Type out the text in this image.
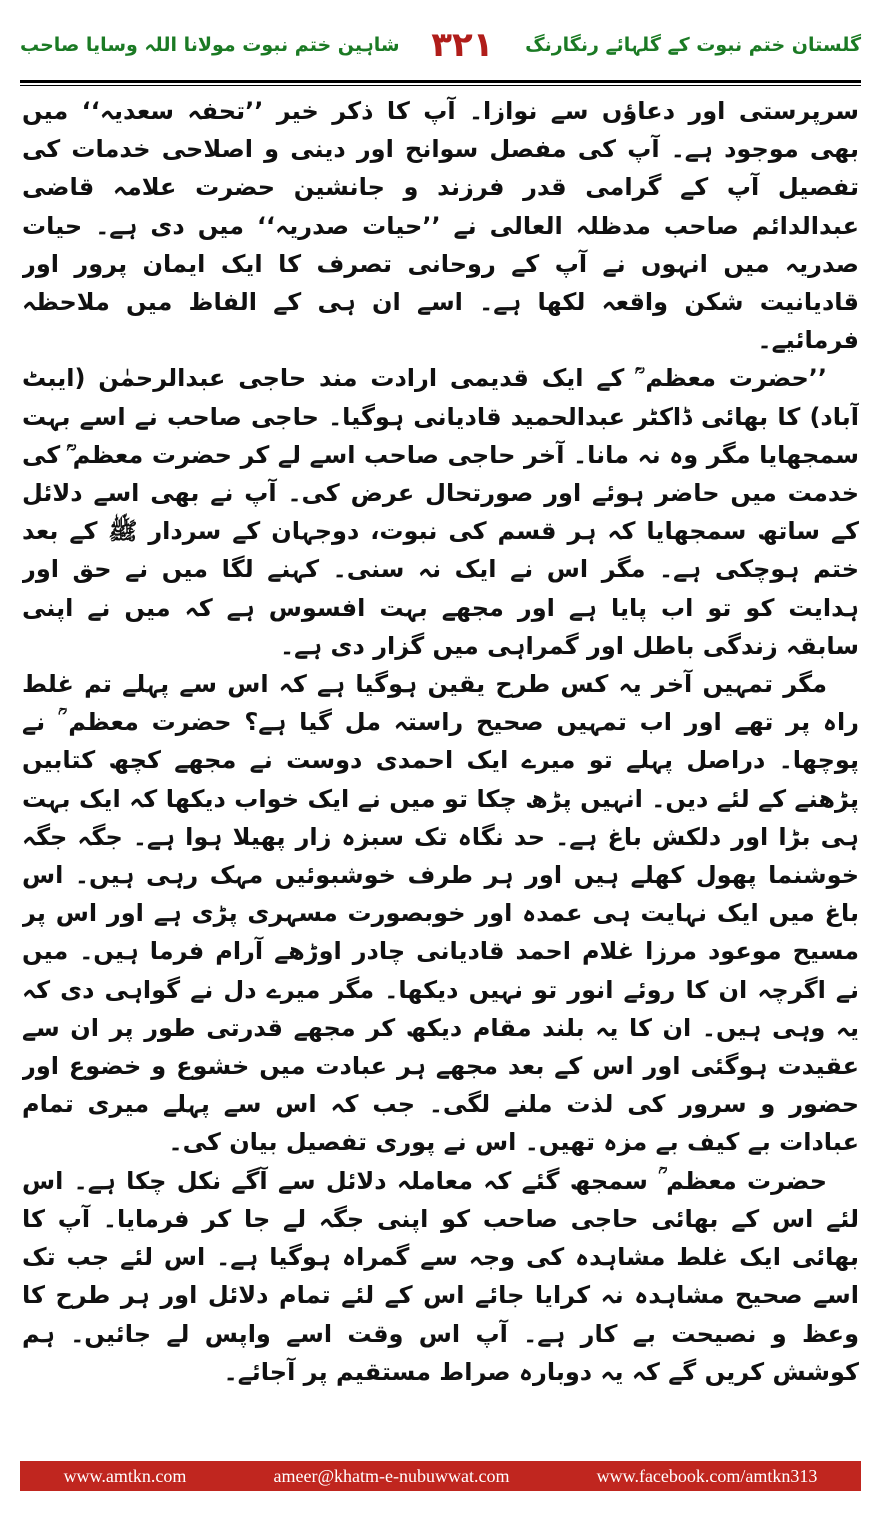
شاہین ختم نبوت مولانا اللہ وسایا صاحب ۳۲۱ گلستان ختم نبوت کے گلہائے رنگارنگ

سرپرستی اور دعاؤں سے نوازا۔ آپ کا ذکر خیر ’’تحفہ سعدیہ‘‘ میں بھی موجود ہے۔ آپ کی مفصل سوانح اور دینی و اصلاحی خدمات کی تفصیل آپ کے گرامی قدر فرزند و جانشین حضرت علامہ قاضی عبدالدائم صاحب مدظلہ العالی نے ’’حیات صدریہ‘‘ میں دی ہے۔ حیات صدریہ میں انہوں نے آپ کے روحانی تصرف کا ایک ایمان پرور اور قادیانیت شکن واقعہ لکھا ہے۔ اسے ان ہی کے الفاظ میں ملاحظہ فرمائیے۔

’’حضرت معظم ؒ کے ایک قدیمی ارادت مند حاجی عبدالرحمٰن (ایبٹ آباد) کا بھائی ڈاکٹر عبدالحمید قادیانی ہوگیا۔ حاجی صاحب نے اسے بہت سمجھایا مگر وہ نہ مانا۔ آخر حاجی صاحب اسے لے کر حضرت معظم ؒ کی خدمت میں حاضر ہوئے اور صورتحال عرض کی۔ آپ نے بھی اسے دلائل کے ساتھ سمجھایا کہ ہر قسم کی نبوت، دوجہان کے سردار ﷺ کے بعد ختم ہوچکی ہے۔ مگر اس نے ایک نہ سنی۔ کہنے لگا میں نے حق اور ہدایت کو تو اب پایا ہے اور مجھے بہت افسوس ہے کہ میں نے اپنی سابقہ زندگی باطل اور گمراہی میں گزار دی ہے۔

مگر تمہیں آخر یہ کس طرح یقین ہوگیا ہے کہ اس سے پہلے تم غلط راہ پر تھے اور اب تمہیں صحیح راستہ مل گیا ہے؟ حضرت معظم ؒ نے پوچھا۔ دراصل پہلے تو میرے ایک احمدی دوست نے مجھے کچھ کتابیں پڑھنے کے لئے دیں۔ انہیں پڑھ چکا تو میں نے ایک خواب دیکھا کہ ایک بہت ہی بڑا اور دلکش باغ ہے۔ حد نگاہ تک سبزہ زار پھیلا ہوا ہے۔ جگہ جگہ خوشنما پھول کھلے ہیں اور ہر طرف خوشبوئیں مہک رہی ہیں۔ اس باغ میں ایک نہایت ہی عمدہ اور خوبصورت مسہری پڑی ہے اور اس پر مسیح موعود مرزا غلام احمد قادیانی چادر اوڑھے آرام فرما ہیں۔ میں نے اگرچہ ان کا روئے انور تو نہیں دیکھا۔ مگر میرے دل نے گواہی دی کہ یہ وہی ہیں۔ ان کا یہ بلند مقام دیکھ کر مجھے قدرتی طور پر ان سے عقیدت ہوگئی اور اس کے بعد مجھے ہر عبادت میں خشوع و خضوع اور حضور و سرور کی لذت ملنے لگی۔ جب کہ اس سے پہلے میری تمام عبادات بے کیف بے مزہ تھیں۔ اس نے پوری تفصیل بیان کی۔

حضرت معظم ؒ سمجھ گئے کہ معاملہ دلائل سے آگے نکل چکا ہے۔ اس لئے اس کے بھائی حاجی صاحب کو اپنی جگہ لے جا کر فرمایا۔ آپ کا بھائی ایک غلط مشاہدہ کی وجہ سے گمراہ ہوگیا ہے۔ اس لئے جب تک اسے صحیح مشاہدہ نہ کرایا جائے اس کے لئے تمام دلائل اور ہر طرح کا وعظ و نصیحت بے کار ہے۔ آپ اس وقت اسے واپس لے جائیں۔ ہم کوشش کریں گے کہ یہ دوبارہ صراط مستقیم پر آجائے۔

www.amtkn.com	ameer@khatm-e-nubuwwat.com	www.facebook.com/amtkn313
